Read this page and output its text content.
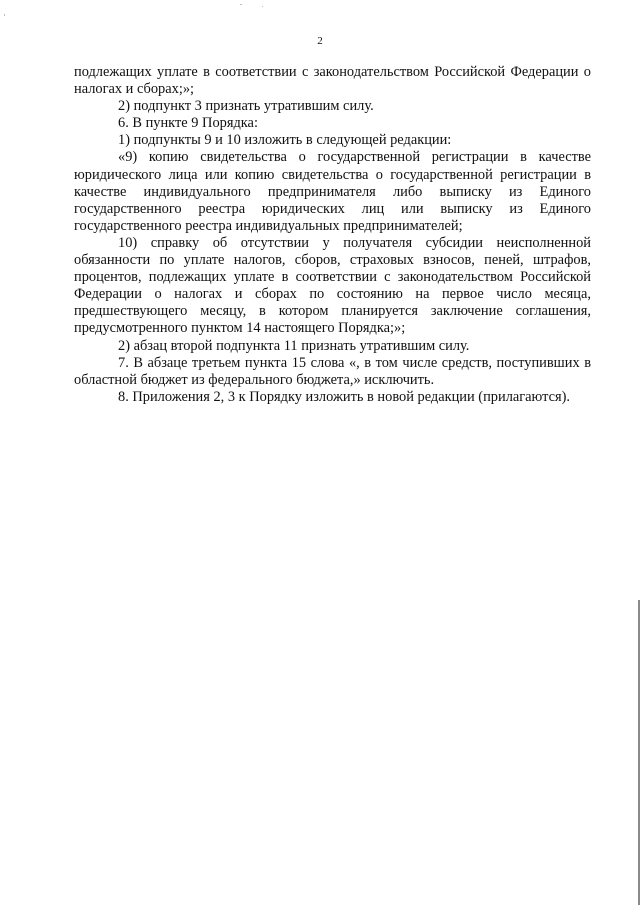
2

подлежащих уплате в соответствии с законодательством Российской Федерации о налогах и сборах;»;

2) подпункт 3 признать утратившим силу.

6. В пункте 9 Порядка:

1) подпункты 9 и 10 изложить в следующей редакции:

«9) копию свидетельства о государственной регистрации в качестве юридического лица или копию свидетельства о государственной регистрации в качестве индивидуального предпринимателя либо выписку из Единого государственного реестра юридических лиц или выписку из Единого государственного реестра индивидуальных предпринимателей;

10) справку об отсутствии у получателя субсидии неисполненной обязанности по уплате налогов, сборов, страховых взносов, пеней, штрафов, процентов, подлежащих уплате в соответствии с законодательством Российской Федерации о налогах и сборах по состоянию на первое число месяца, предшествующего месяцу, в котором планируется заключение соглашения, предусмотренного пунктом 14 настоящего Порядка;»;

2) абзац второй подпункта 11 признать утратившим силу.

7. В абзаце третьем пункта 15 слова «, в том числе средств, поступивших в областной бюджет из федерального бюджета,» исключить.

8. Приложения 2, 3 к Порядку изложить в новой редакции (прилагаются).
